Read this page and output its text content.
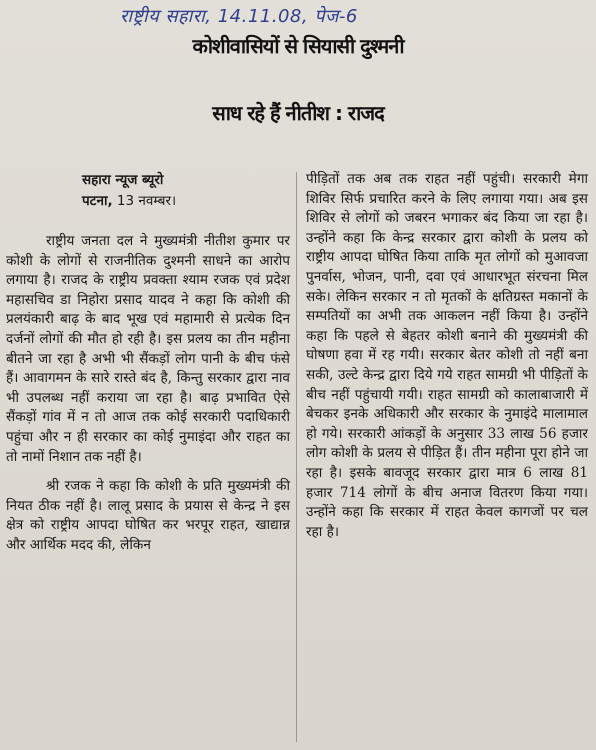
राष्ट्रीय सहारा, 14.11.08, पेज-6
कोशीवासियों से सियासी दुश्मनी
साध रहे हैं नीतीश : राजद
सहारा न्यूज ब्यूरो
पटना, 13 नवम्बर।

राष्ट्रीय जनता दल ने मुख्यमंत्री नीतीश कुमार पर कोशी के लोगों से राजनीतिक दुश्मनी साधने का आरोप लगाया है। राजद के राष्ट्रीय प्रवक्ता श्याम रजक एवं प्रदेश महासचिव डा निहोरा प्रसाद यादव ने कहा कि कोशी की प्रलयंकारी बाढ़ के बाद भूख एवं महामारी से प्रत्येक दिन दर्जनों लोगों की मौत हो रही है। इस प्रलय का तीन महीना बीतने जा रहा है अभी भी सैंकड़ों लोग पानी के बीच फंसे हैं। आवागमन के सारे रास्ते बंद है, किन्तु सरकार द्वारा नाव भी उपलब्ध नहीं कराया जा रहा है। बाढ़ प्रभावित ऐसे सैंकड़ों गांव में न तो आज तक कोई सरकारी पदाधिकारी पहुंचा और न ही सरकार का कोई नुमाइंदा और राहत का तो नामों निशान तक नहीं है।

श्री रजक ने कहा कि कोशी के प्रति मुख्यमंत्री की नियत ठीक नहीं है। लालू प्रसाद के प्रयास से केन्द्र ने इस क्षेत्र को राष्ट्रीय आपदा घोषित कर भरपूर राहत, खाद्यान्न और आर्थिक मदद की, लेकिन

पीड़ितों तक अब तक राहत नहीं पहुंची। सरकारी मेगा शिविर सिर्फ प्रचारित करने के लिए लगाया गया। अब इस शिविर से लोगों को जबरन भगाकर बंद किया जा रहा है। उन्होंने कहा कि केन्द्र सरकार द्वारा कोशी के प्रलय को राष्ट्रीय आपदा घोषित किया ताकि मृत लोगों को मुआवजा पुनर्वास, भोजन, पानी, दवा एवं आधारभूत संरचना मिल सके। लेकिन सरकार न तो मृतकों के क्षतिग्रस्त मकानों के सम्पतियों का अभी तक आकलन नहीं किया है। उन्होंने कहा कि पहले से बेहतर कोशी बनाने की मुख्यमंत्री की घोषणा हवा में रह गयी। सरकार बेतर कोशी तो नहीं बना सकी, उल्टे केन्द्र द्वारा दिये गये राहत सामग्री भी पीड़ितों के बीच नहीं पहुंचायी गयी। राहत सामग्री को कालाबाजारी में बेचकर इनके अधिकारी और सरकार के नुमाइंदे मालामाल हो गये। सरकारी आंकड़ों के अनुसार 33 लाख 56 हजार लोग कोशी के प्रलय से पीड़ित हैं। तीन महीना पूरा होने जा रहा है। इसके बावजूद सरकार द्वारा मात्र 6 लाख 81 हजार 714 लोगों के बीच अनाज वितरण किया गया। उन्होंने कहा कि सरकार में राहत केवल कागजों पर चल रहा है।
